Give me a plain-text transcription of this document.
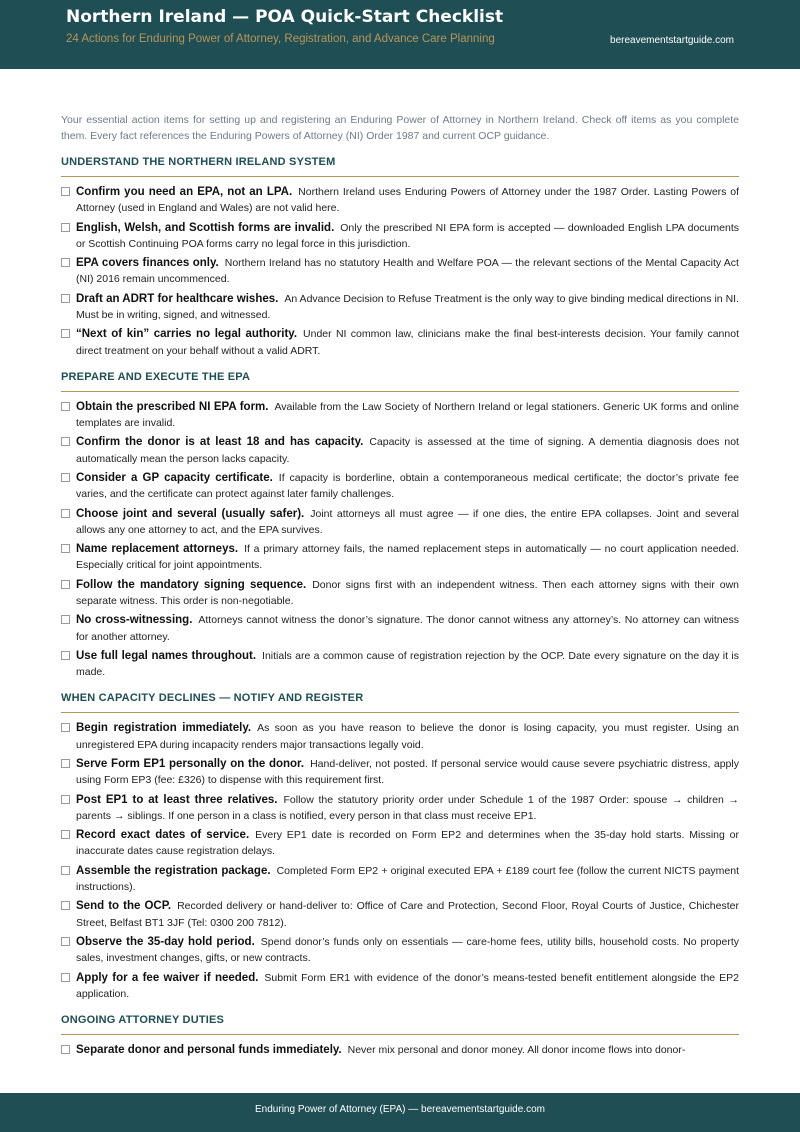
Northern Ireland — POA Quick-Start Checklist
24 Actions for Enduring Power of Attorney, Registration, and Advance Care Planning	bereavementstartguide.com

Your essential action items for setting up and registering an Enduring Power of Attorney in Northern Ireland. Check off items as you complete them. Every fact references the Enduring Powers of Attorney (NI) Order 1987 and current OCP guidance.

UNDERSTAND THE NORTHERN IRELAND SYSTEM
Confirm you need an EPA, not an LPA. Northern Ireland uses Enduring Powers of Attorney under the 1987 Order. Lasting Powers of Attorney (used in England and Wales) are not valid here.
English, Welsh, and Scottish forms are invalid. Only the prescribed NI EPA form is accepted — downloaded English LPA documents or Scottish Continuing POA forms carry no legal force in this jurisdiction.
EPA covers finances only. Northern Ireland has no statutory Health and Welfare POA — the relevant sections of the Mental Capacity Act (NI) 2016 remain uncommenced.
Draft an ADRT for healthcare wishes. An Advance Decision to Refuse Treatment is the only way to give binding medical directions in NI. Must be in writing, signed, and witnessed.
“Next of kin” carries no legal authority. Under NI common law, clinicians make the final best-interests decision. Your family cannot direct treatment on your behalf without a valid ADRT.
PREPARE AND EXECUTE THE EPA
Obtain the prescribed NI EPA form. Available from the Law Society of Northern Ireland or legal stationers. Generic UK forms and online templates are invalid.
Confirm the donor is at least 18 and has capacity. Capacity is assessed at the time of signing. A dementia diagnosis does not automatically mean the person lacks capacity.
Consider a GP capacity certificate. If capacity is borderline, obtain a contemporaneous medical certificate; the doctor’s private fee varies, and the certificate can protect against later family challenges.
Choose joint and several (usually safer). Joint attorneys all must agree — if one dies, the entire EPA collapses. Joint and several allows any one attorney to act, and the EPA survives.
Name replacement attorneys. If a primary attorney fails, the named replacement steps in automatically — no court application needed. Especially critical for joint appointments.
Follow the mandatory signing sequence. Donor signs first with an independent witness. Then each attorney signs with their own separate witness. This order is non-negotiable.
No cross-witnessing. Attorneys cannot witness the donor’s signature. The donor cannot witness any attorney’s. No attorney can witness for another attorney.
Use full legal names throughout. Initials are a common cause of registration rejection by the OCP. Date every signature on the day it is made.
WHEN CAPACITY DECLINES — NOTIFY AND REGISTER
Begin registration immediately. As soon as you have reason to believe the donor is losing capacity, you must register. Using an unregistered EPA during incapacity renders major transactions legally void.
Serve Form EP1 personally on the donor. Hand-deliver, not posted. If personal service would cause severe psychiatric distress, apply using Form EP3 (fee: £326) to dispense with this requirement first.
Post EP1 to at least three relatives. Follow the statutory priority order under Schedule 1 of the 1987 Order: spouse → children → parents → siblings. If one person in a class is notified, every person in that class must receive EP1.
Record exact dates of service. Every EP1 date is recorded on Form EP2 and determines when the 35-day hold starts. Missing or inaccurate dates cause registration delays.
Assemble the registration package. Completed Form EP2 + original executed EPA + £189 court fee (follow the current NICTS payment instructions).
Send to the OCP. Recorded delivery or hand-deliver to: Office of Care and Protection, Second Floor, Royal Courts of Justice, Chichester Street, Belfast BT1 3JF (Tel: 0300 200 7812).
Observe the 35-day hold period. Spend donor’s funds only on essentials — care-home fees, utility bills, household costs. No property sales, investment changes, gifts, or new contracts.
Apply for a fee waiver if needed. Submit Form ER1 with evidence of the donor’s means-tested benefit entitlement alongside the EP2 application.
ONGOING ATTORNEY DUTIES
Separate donor and personal funds immediately. Never mix personal and donor money. All donor income flows into donor-
Enduring Power of Attorney (EPA) — bereavementstartguide.com
